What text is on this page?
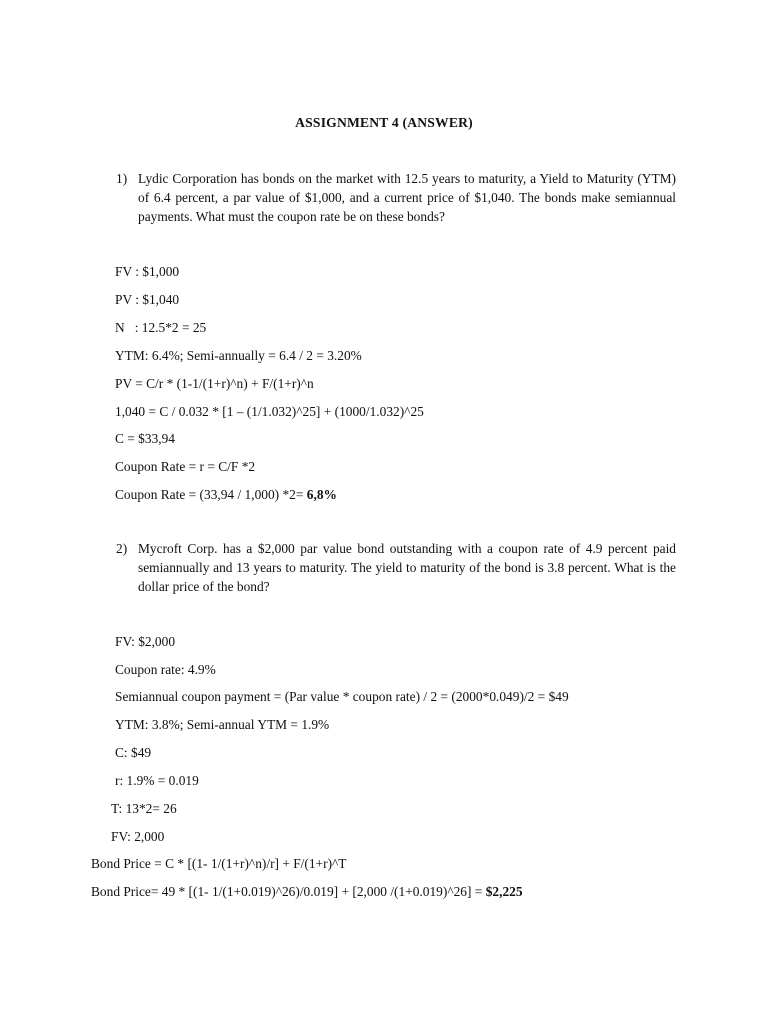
ASSIGNMENT 4 (ANSWER)
1) Lydic Corporation has bonds on the market with 12.5 years to maturity, a Yield to Maturity (YTM) of 6.4 percent, a par value of $1,000, and a current price of $1,040. The bonds make semiannual payments. What must the coupon rate be on these bonds?
FV : $1,000
PV : $1,040
N   : 12.5*2 = 25
YTM: 6.4%; Semi-annually = 6.4 / 2 = 3.20%
PV = C/r * (1-1/(1+r)^n) + F/(1+r)^n
1,040 = C / 0.032 * [1 – (1/1.032)^25] + (1000/1.032)^25
C = $33,94
Coupon Rate = r = C/F *2
Coupon Rate = (33,94 / 1,000) *2= 6,8%
2) Mycroft Corp. has a $2,000 par value bond outstanding with a coupon rate of 4.9 percent paid semiannually and 13 years to maturity. The yield to maturity of the bond is 3.8 percent. What is the dollar price of the bond?
FV: $2,000
Coupon rate: 4.9%
Semiannual coupon payment = (Par value * coupon rate) / 2 = (2000*0.049)/2 = $49
YTM: 3.8%; Semi-annual YTM = 1.9%
C: $49
r: 1.9% = 0.019
T: 13*2= 26
FV: 2,000
Bond Price = C * [(1- 1/(1+r)^n)/r] + F/(1+r)^T
Bond Price= 49 * [(1- 1/(1+0.019)^26)/0.019] + [2,000 /(1+0.019)^26] = $2,225
